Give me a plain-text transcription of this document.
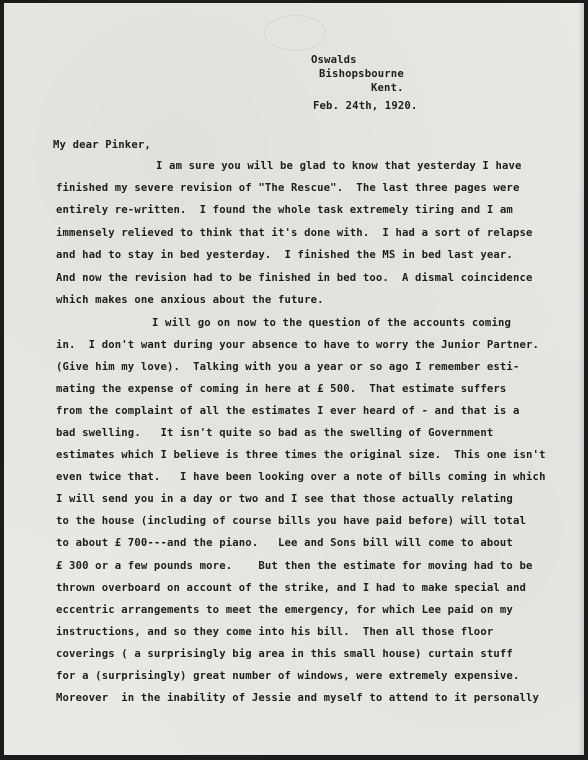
Oswalds
Bishopsbourne
Kent.
Feb. 24th, 1920.
My dear Pinker,
I am sure you will be glad to know that yesterday I have
finished my severe revision of "The Rescue".  The last three pages were
entirely re-written.  I found the whole task extremely tiring and I am
immensely relieved to think that it's done with.  I had a sort of relapse
and had to stay in bed yesterday.  I finished the MS in bed last year.
And now the revision had to be finished in bed too.  A dismal coincidence
which makes one anxious about the future.
I will go on now to the question of the accounts coming
in.  I don't want during your absence to have to worry the Junior Partner.
(Give him my love).  Talking with you a year or so ago I remember esti-
mating the expense of coming in here at £ 500.  That estimate suffers
from the complaint of all the estimates I ever heard of - and that is a
bad swelling.   It isn't quite so bad as the swelling of Government
estimates which I believe is three times the original size.  This one isn't
even twice that.   I have been looking over a note of bills coming in which
I will send you in a day or two and I see that those actually relating
to the house (including of course bills you have paid before) will total
to about £ 700---and the piano.   Lee and Sons bill will come to about
£ 300 or a few pounds more.    But then the estimate for moving had to be
thrown overboard on account of the strike, and I had to make special and
eccentric arrangements to meet the emergency, for which Lee paid on my
instructions, and so they come into his bill.  Then all those floor
coverings ( a surprisingly big area in this small house) curtain stuff
for a (surprisingly) great number of windows, were extremely expensive.
Moreover  in the inability of Jessie and myself to attend to it personally
